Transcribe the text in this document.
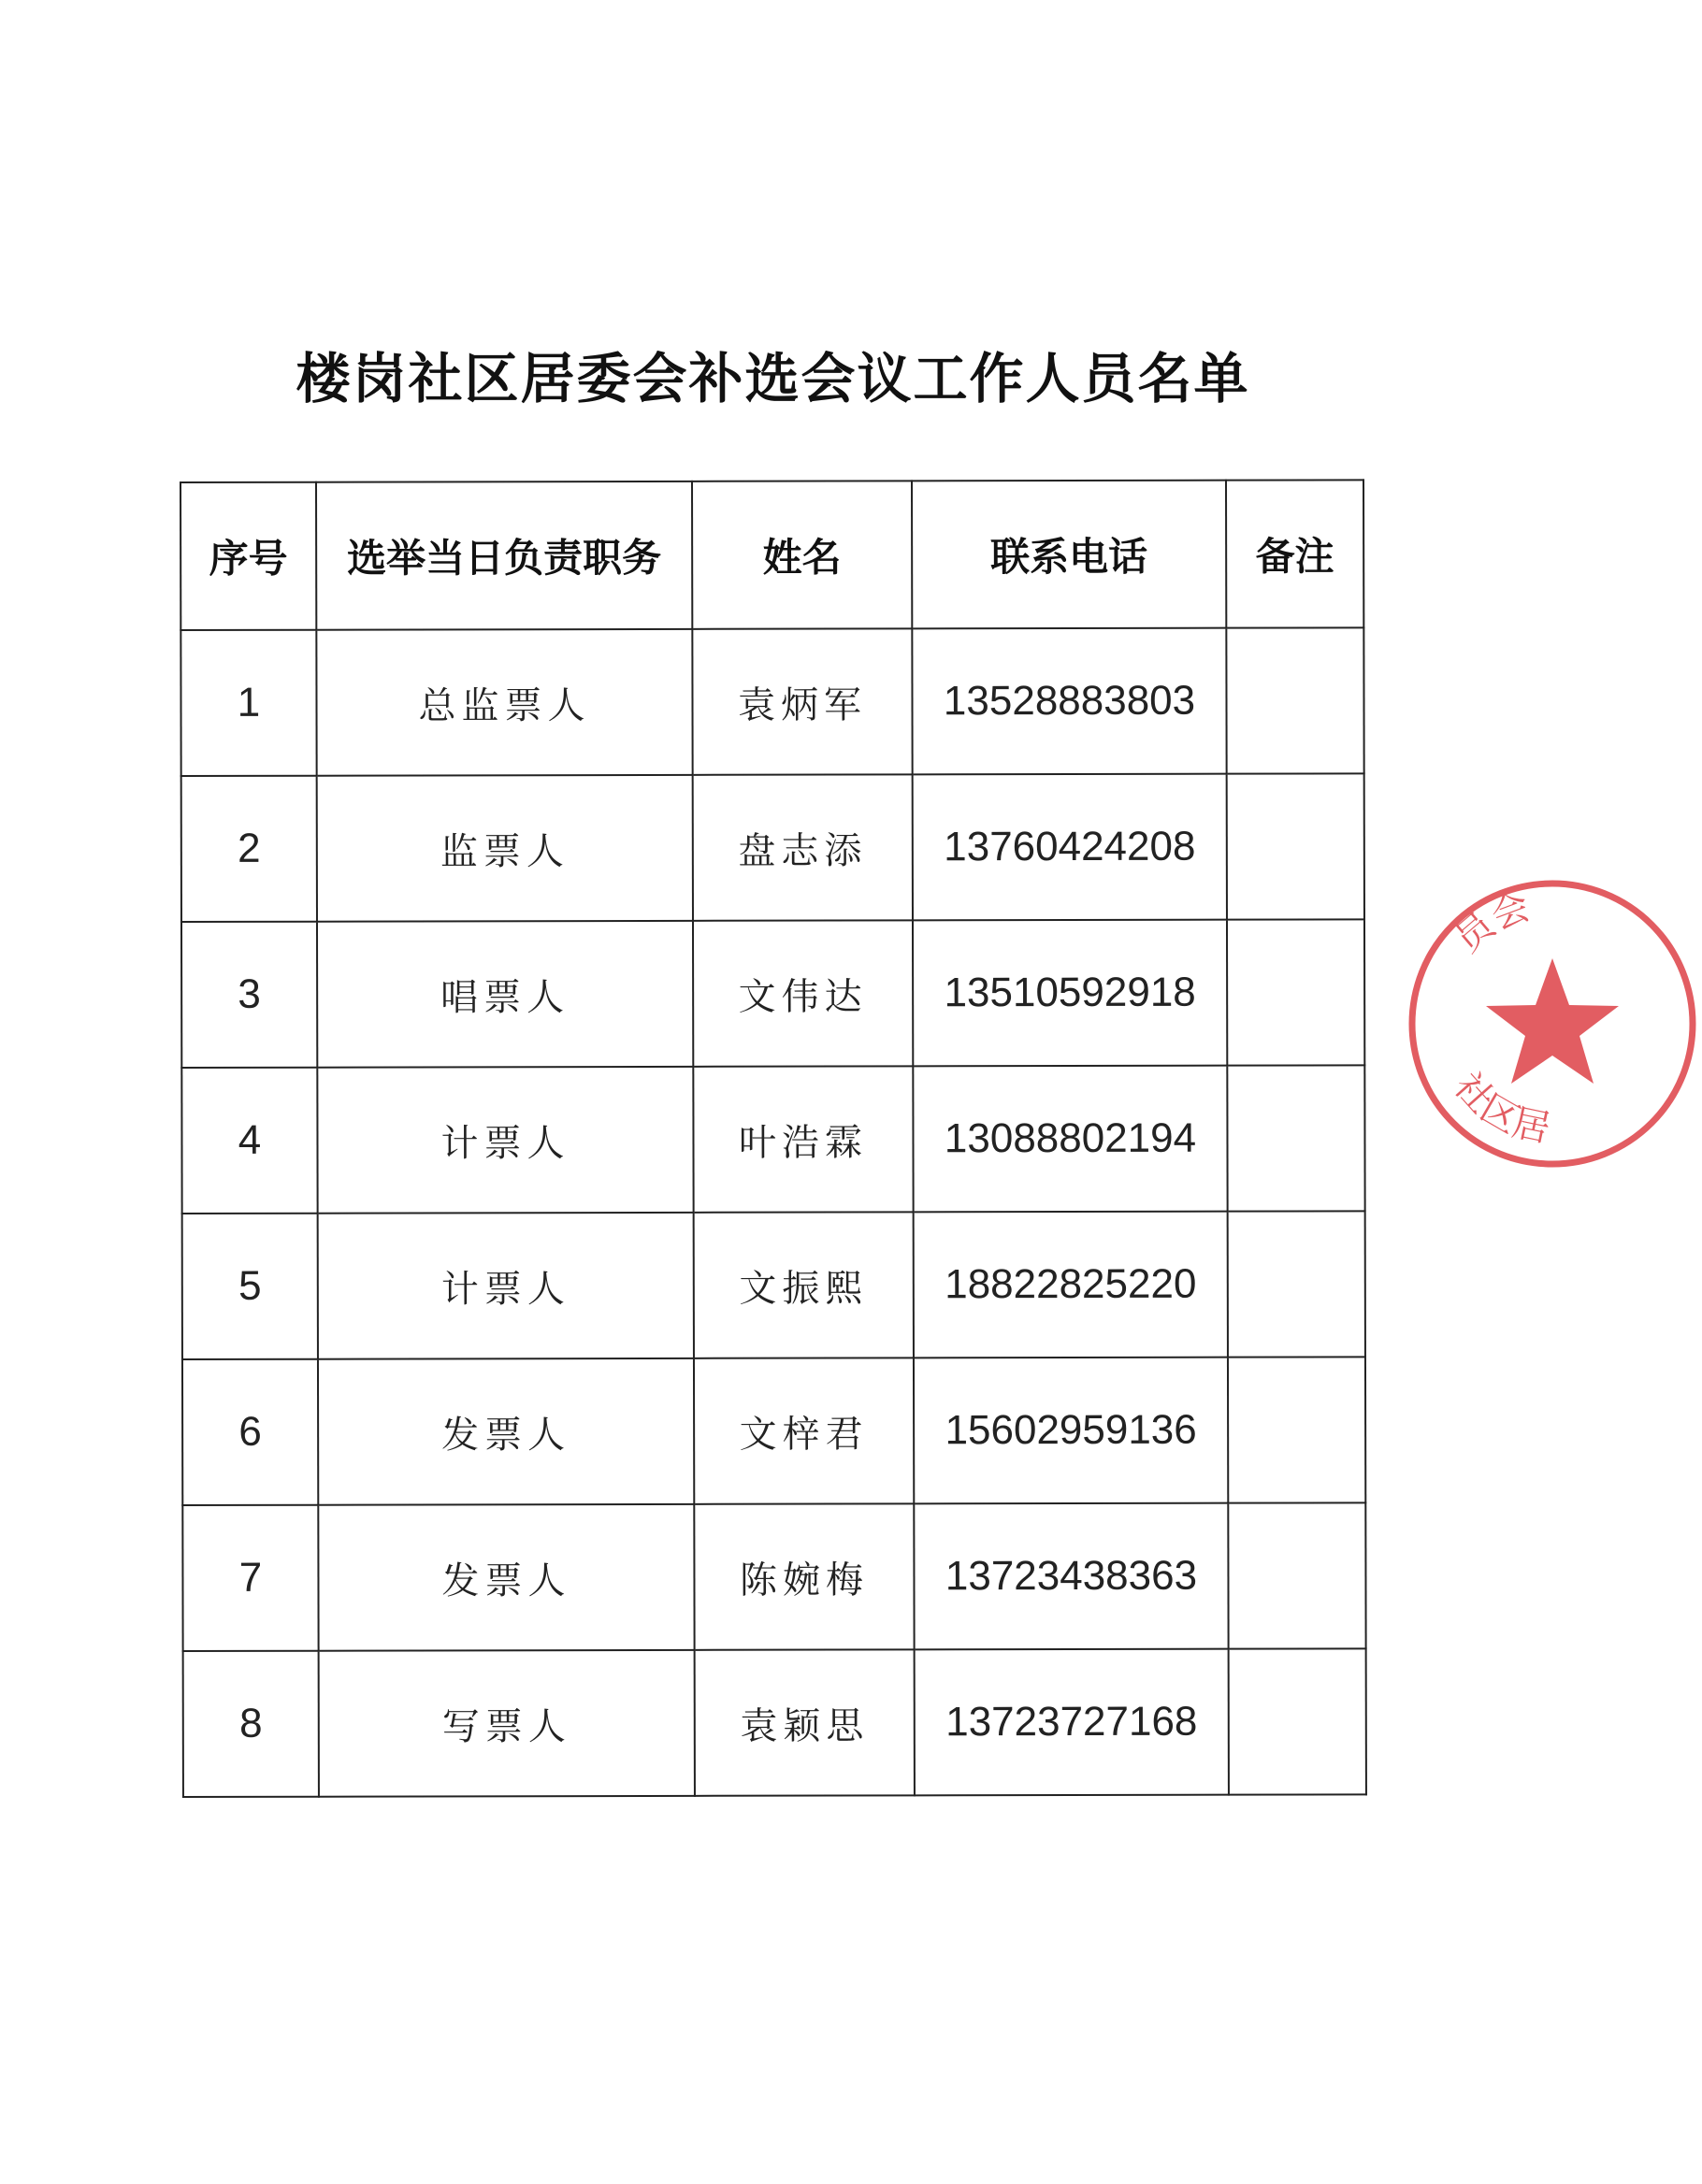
楼岗社区居委会补选会议工作人员名单
序号	选举当日负责职务	姓名	联系电话	备注
1	总监票人	袁炳军	13528883803	
2	监票人	盘志添	13760424208	
3	唱票人	文伟达	13510592918	
4	计票人	叶浩霖	13088802194	
5	计票人	文振熙	18822825220	
6	发票人	文梓君	15602959136	
7	发票人	陈婉梅	13723438363	
8	写票人	袁颖思	13723727168	
员会
社区居
